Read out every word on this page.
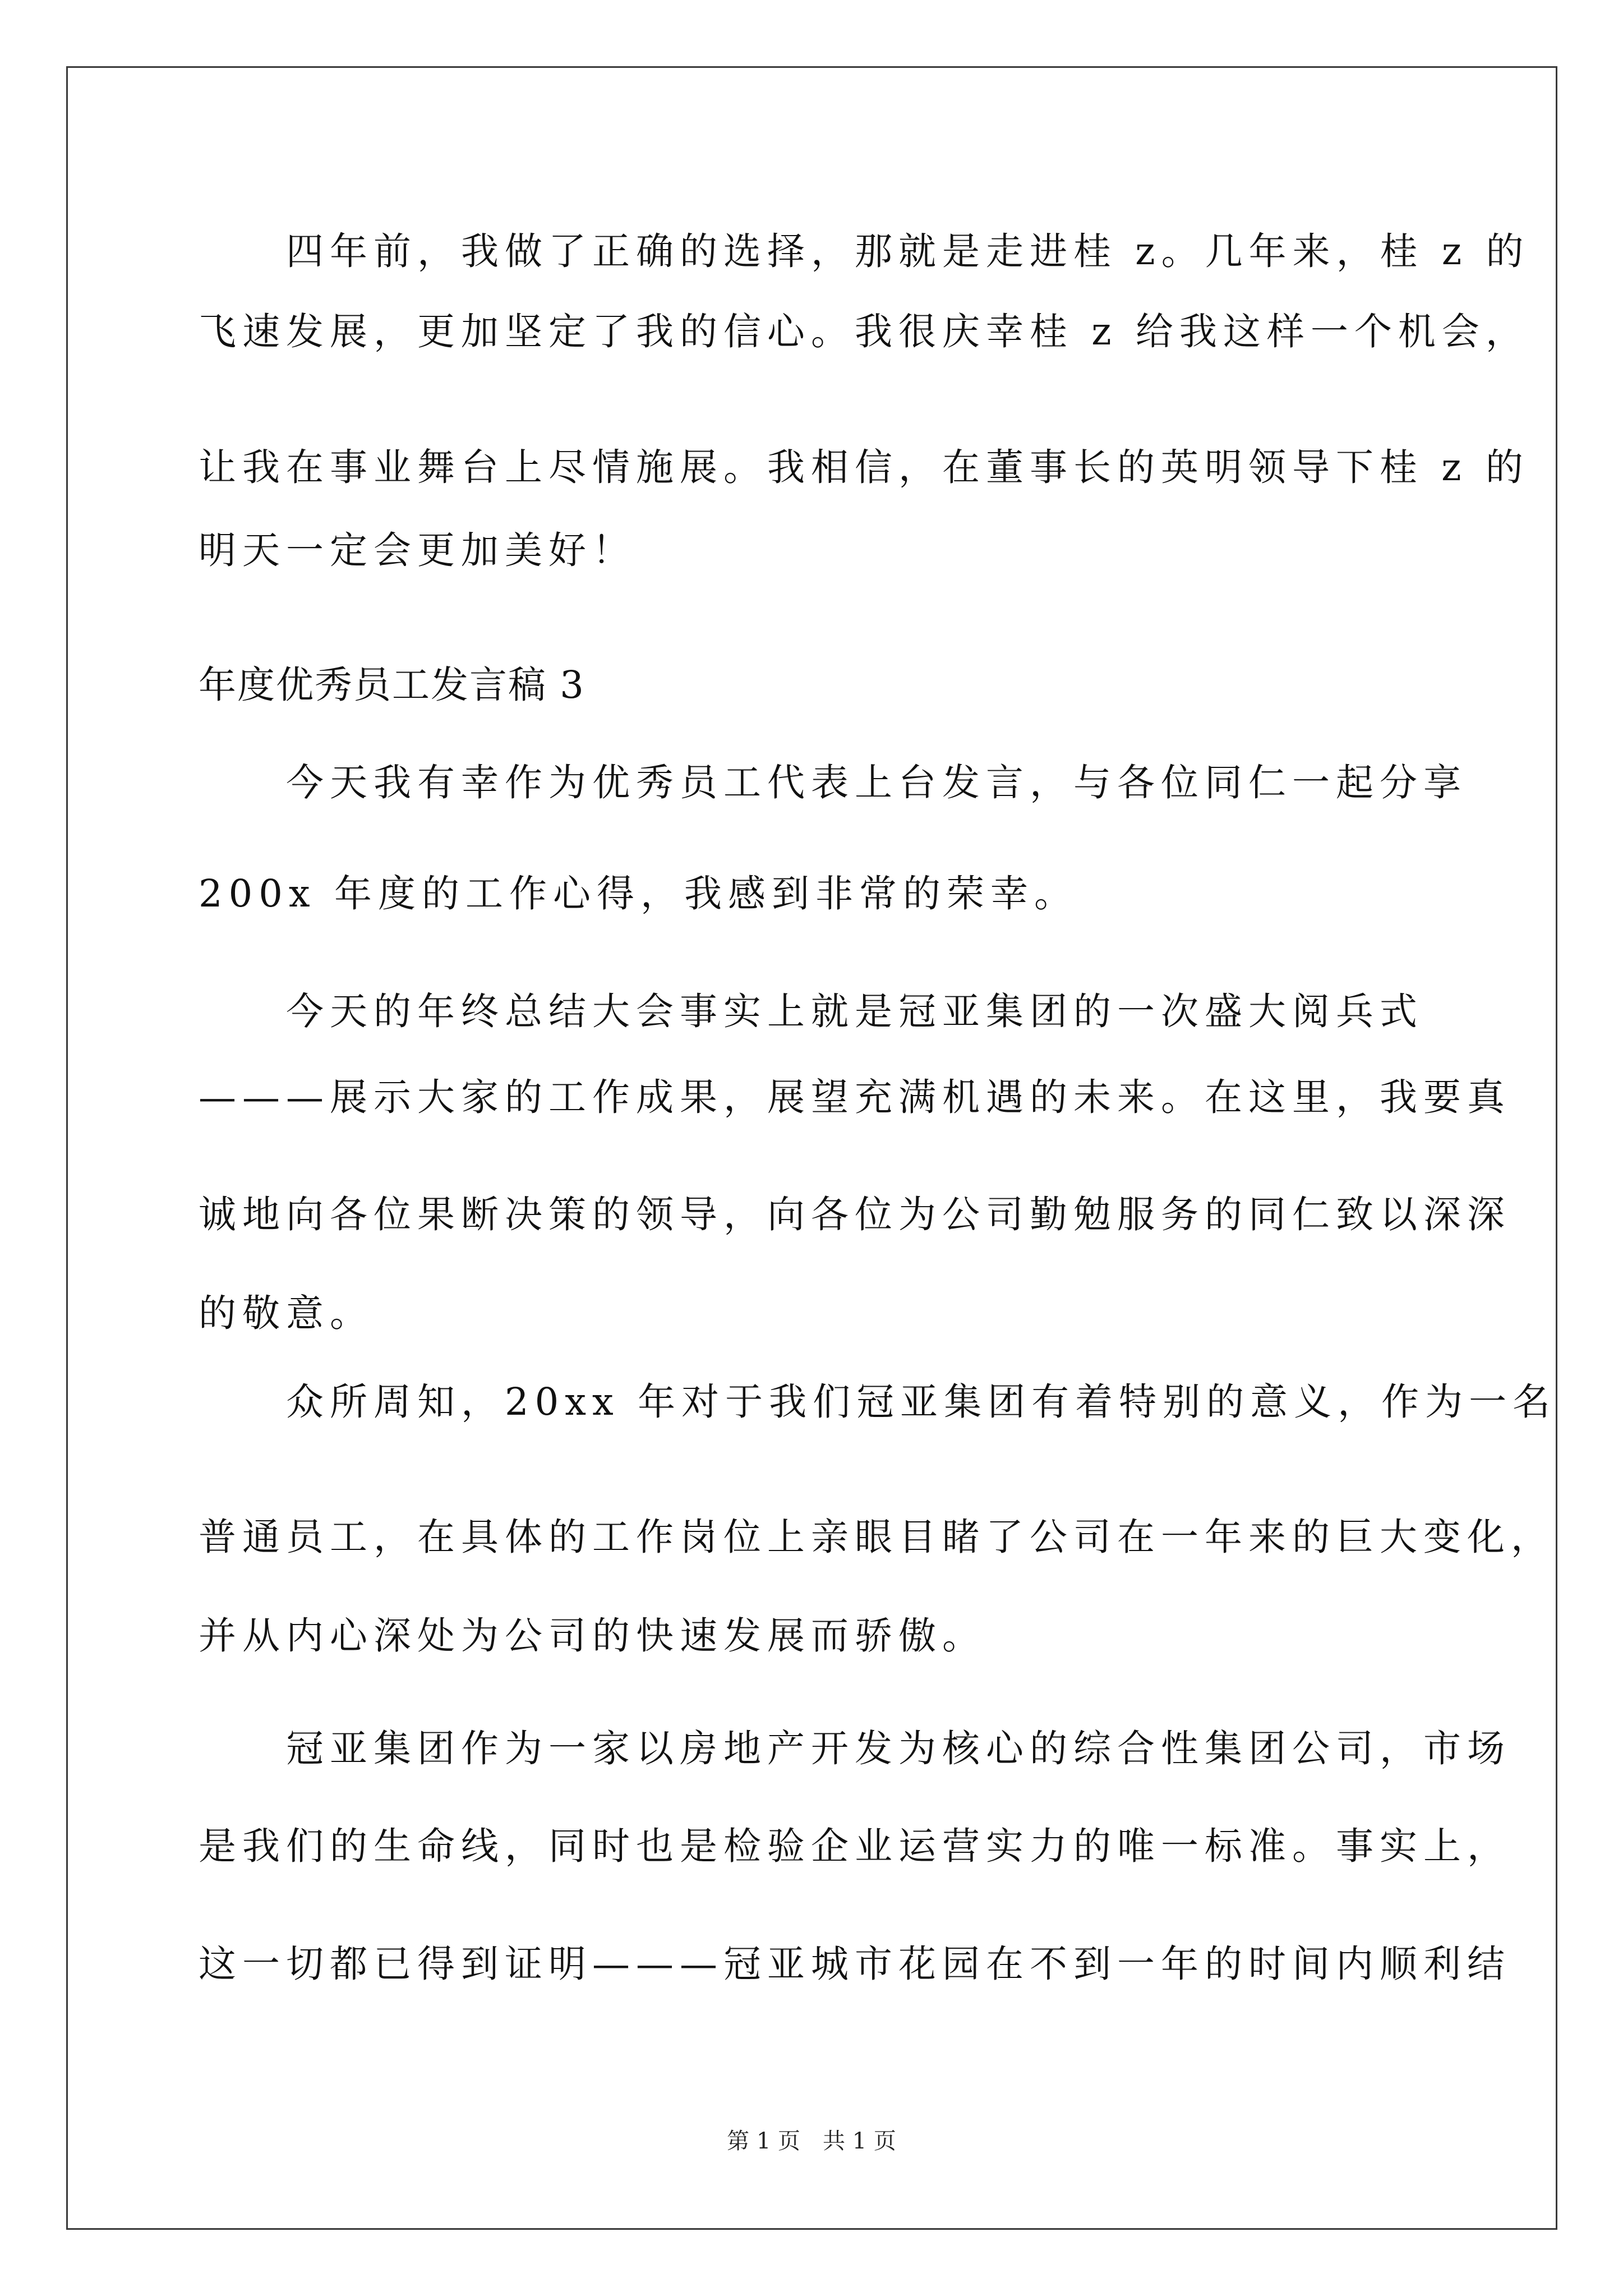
　　四年前，我做了正确的选择，那就是走进桂 z。几年来，桂 z 的
飞速发展，更加坚定了我的信心。我很庆幸桂 z 给我这样一个机会，
让我在事业舞台上尽情施展。我相信，在董事长的英明领导下桂 z 的
明天一定会更加美好！
年度优秀员工发言稿 3
　　今天我有幸作为优秀员工代表上台发言，与各位同仁一起分享
200x 年度的工作心得，我感到非常的荣幸。
　　今天的年终总结大会事实上就是冠亚集团的一次盛大阅兵式
———展示大家的工作成果，展望充满机遇的未来。在这里，我要真
诚地向各位果断决策的领导，向各位为公司勤勉服务的同仁致以深深
的敬意。
　　众所周知，20xx 年对于我们冠亚集团有着特别的意义，作为一名
普通员工，在具体的工作岗位上亲眼目睹了公司在一年来的巨大变化，
并从内心深处为公司的快速发展而骄傲。
　　冠亚集团作为一家以房地产开发为核心的综合性集团公司，市场
是我们的生命线，同时也是检验企业运营实力的唯一标准。事实上，
这一切都已得到证明———冠亚城市花园在不到一年的时间内顺利结
第 1 页　共 1 页
